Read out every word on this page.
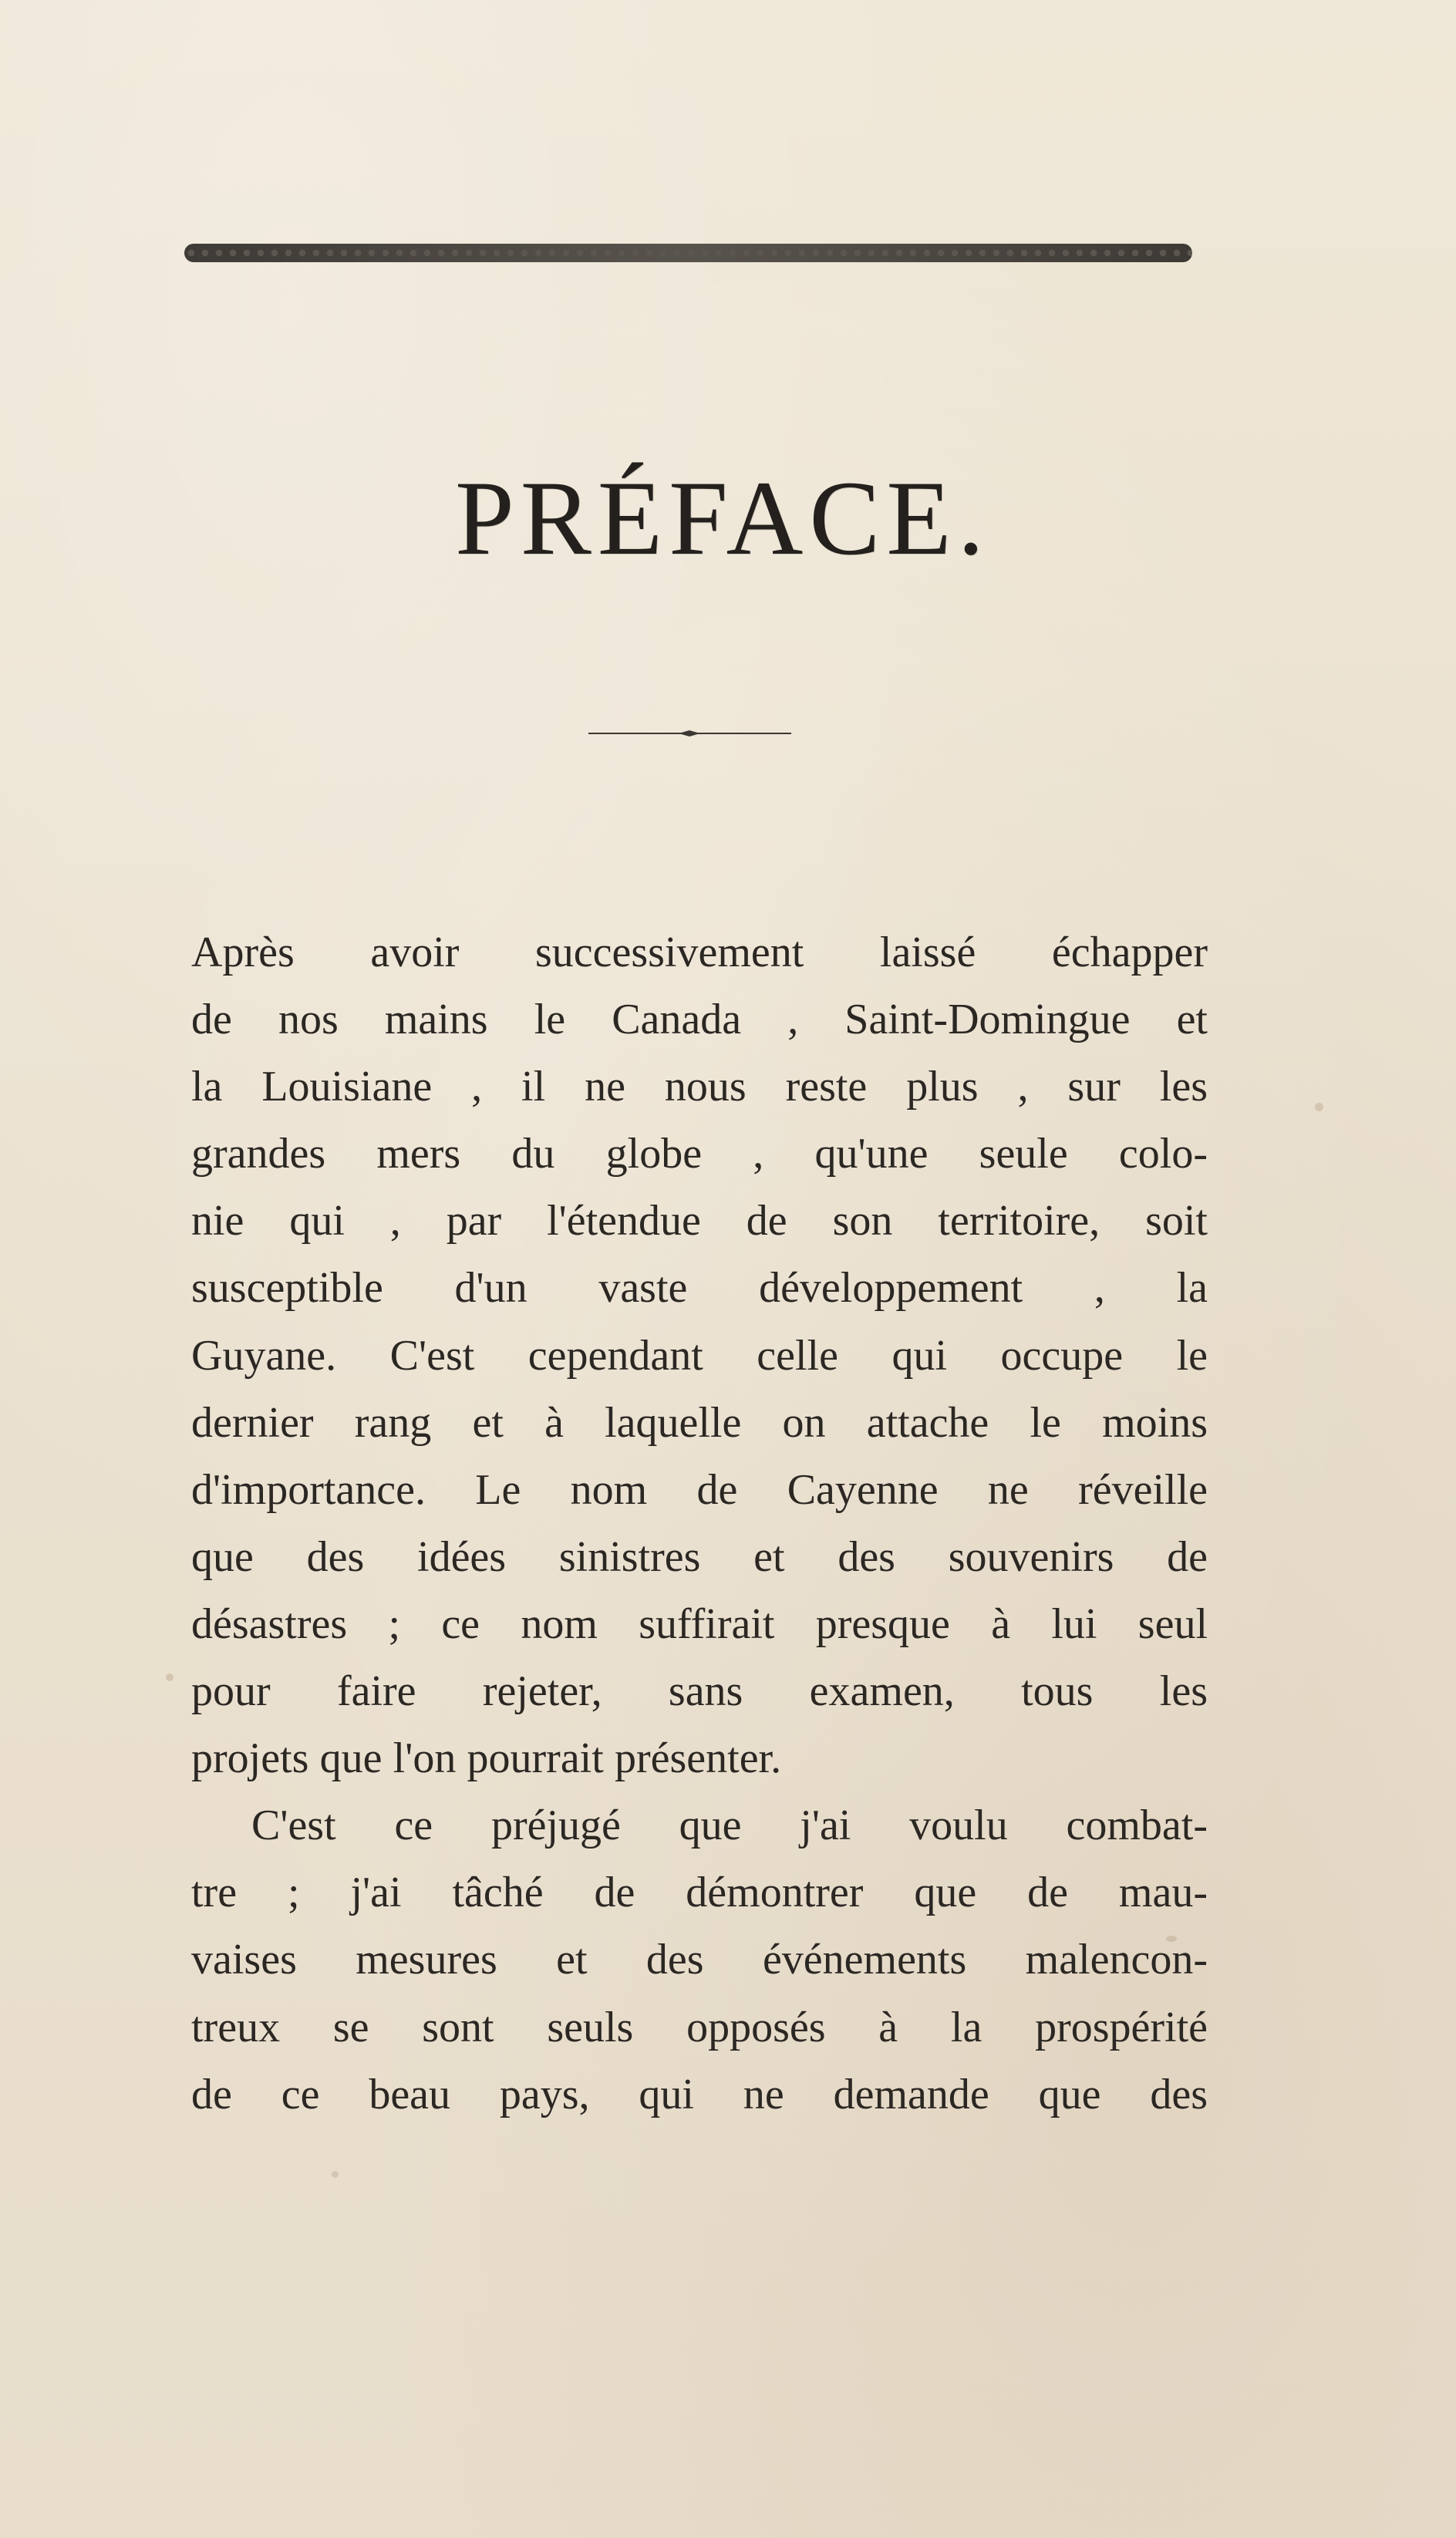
PRÉFACE.
Après avoir successivement laissé échapper
de nos mains le Canada , Saint-Domingue et
la Louisiane , il ne nous reste plus , sur les
grandes mers du globe , qu'une seule colo-
nie qui , par l'étendue de son territoire, soit
susceptible d'un vaste développement , la
Guyane. C'est cependant celle qui occupe le
dernier rang et à laquelle on attache le moins
d'importance. Le nom de Cayenne ne réveille
que des idées sinistres et des souvenirs de
désastres ; ce nom suffirait presque à lui seul
pour faire rejeter, sans examen, tous les
projets que l'on pourrait présenter.
C'est ce préjugé que j'ai voulu combat-
tre ; j'ai tâché de démontrer que de mau-
vaises mesures et des événements malencon-
treux se sont seuls opposés à la prospérité
de ce beau pays, qui ne demande que des
